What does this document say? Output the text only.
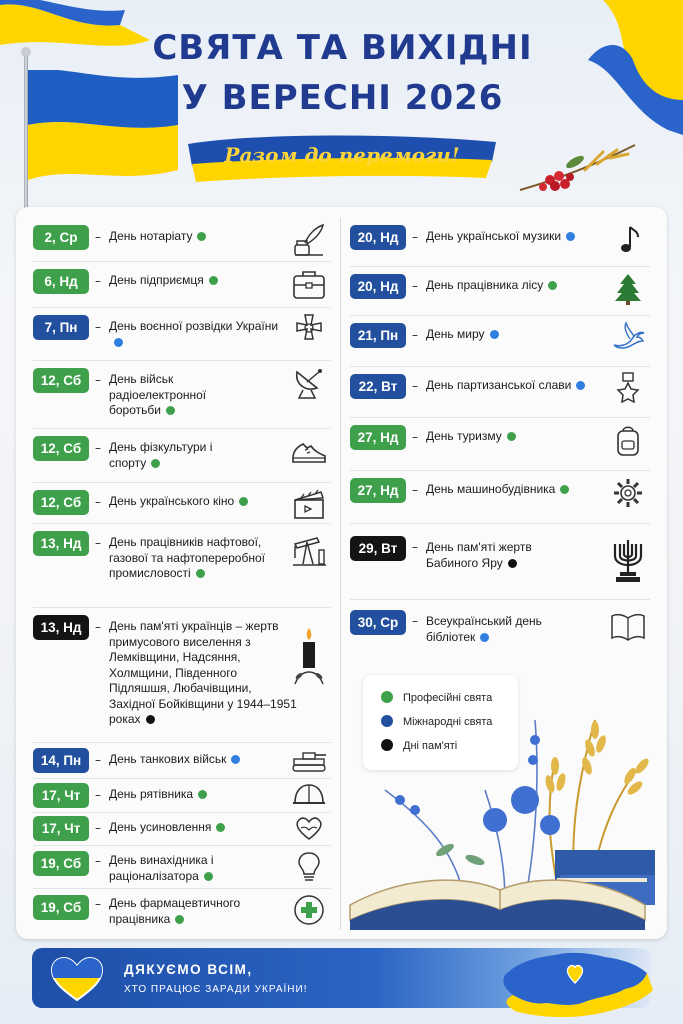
СВЯТА ТА ВИХІДНІ
У ВЕРЕСНІ 2026
Разом до перемоги!
2, Ср	– День нотаріату
6, Нд	– День підприємця
7, Пн	– День воєнної розвідки України
12, Сб	– День військ радіоелектронної боротьби
12, Сб	– День фізкультури і спорту
12, Сб	– День українського кіно
13, Нд	– День працівників нафтової, газової та нафтопереробної промисловості
13, Нд	– День пам'яті українців – жертв примусового виселення з Лемківщини, Надсяння, Холмщини, Південного Підляшшя, Любачівщини, Західної Бойківщини у 1944–1951 роках
14, Пн	– День танкових військ
17, Чт	– День рятівника
17, Чт	– День усиновлення
19, Сб	– День винахідника і раціоналізатора
19, Сб	– День фармацевтичного працівника
20, Нд	– День української музики
20, Нд	– День працівника лісу
21, Пн	– День миру
22, Вт	– День партизанської слави
27, Нд	– День туризму
27, Нд	– День машинобудівника
29, Вт	– День пам'яті жертв Бабиного Яру
30, Ср	– Всеукраїнський день бібліотек
Професійні свята
Міжнародні свята
Дні пам'яті
ДЯКУЄМО ВСІМ,
ХТО ПРАЦЮЄ ЗАРАДИ УКРАЇНИ!
